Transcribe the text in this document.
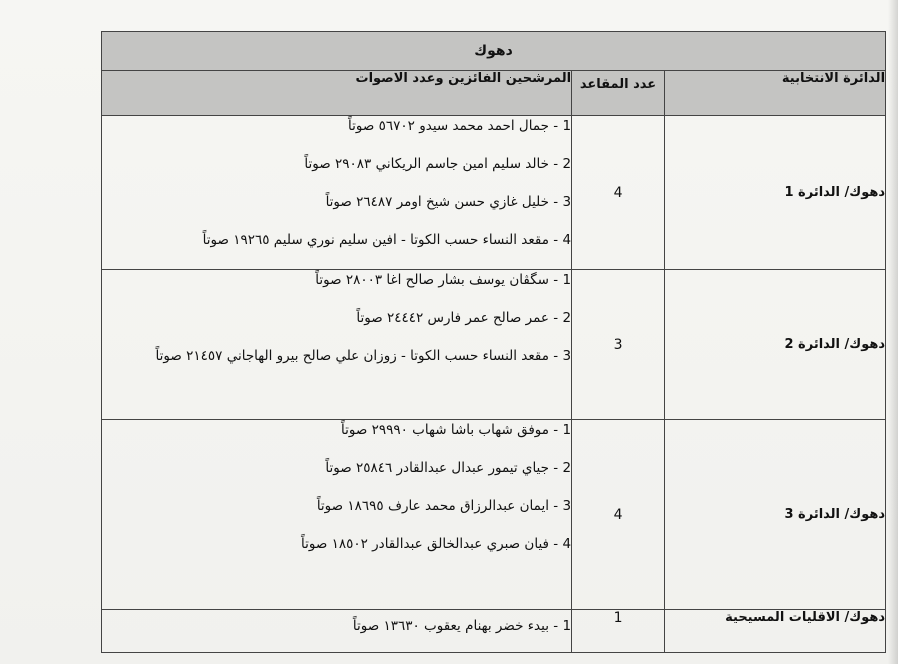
دهوك		
الدائرة الانتخابية	عدد المقاعد	المرشحين الفائزين وعدد الاصوات
دهوك/ الدائرة 1	4	1 - جمال احمد محمد سيدو ٥٦٧٠٢ صوتاً
2 - خالد سليم امين جاسم الريكاني ٢٩٠٨٣ صوتاً
3 - خليل غازي حسن شيخ اومر ٢٦٤٨٧ صوتاً
4 - مقعد النساء حسب الكوتا - افين سليم نوري سليم ١٩٢٦٥ صوتاً

دهوك/ الدائرة 2	3	1 - سگڤان يوسف بشار صالح اغا ٢٨٠٠٣ صوتاً
2 - عمر صالح عمر فارس ٢٤٤٤٢ صوتاً
3 - مقعد النساء حسب الكوتا - زوزان علي صالح بيرو الهاجاني ٢١٤٥٧ صوتاً

دهوك/ الدائرة 3	4	1 - موفق شهاب باشا شهاب ٢٩٩٩٠ صوتاً
2 - جياي تيمور عبدال عبدالقادر ٢٥٨٤٦ صوتاً
3 - ايمان عبدالرزاق محمد عارف ١٨٦٩٥ صوتاً
4 - فيان صبري عبدالخالق عبدالقادر ١٨٥٠٢ صوتاً

دهوك/ الاقليات المسيحية	1	1 - بيدء خضر بهنام يعقوب ١٣٦٣٠ صوتاً
